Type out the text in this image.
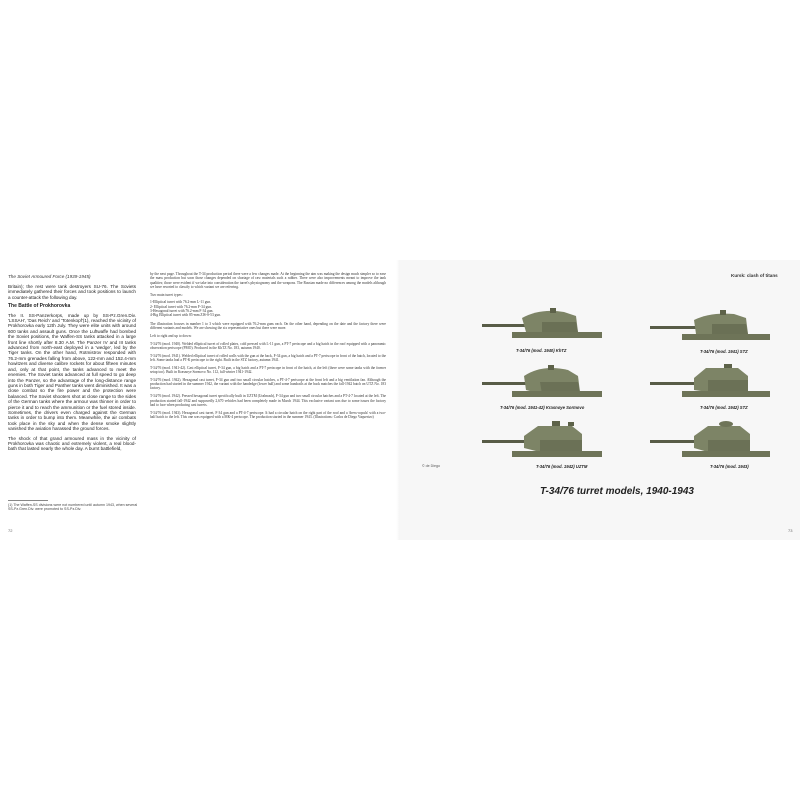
The Soviet Armoured Force (1939-1945)

Britain); the rest were tank destroyers SU-76. The Soviets immediately gathered their forces and took positions to launch a counter-attack the following day.

The Battle of Prokhorovka

The II. SS-Panzerkorps, made up by SS-Pz.Gren.Div. 'LSSAH', 'Das Reich' and 'Totenkopf'(1), reached the vicinity of Prokhorovka early 12th July. They were elite units with around 600 tanks and assault guns. Once the Luftwaffe had bombed the Soviet positions, the Waffen-SS tanks attacked in a large front line shortly after 8.30 A.M. The Panzer IV and III tanks advanced from north-east deployed in a 'wedge', led by the Tiger tanks. On the other hand, Rotmistrov responded with 76.2-mm grenades falling from above, 122-mm and 152.4-mm howitzers and diverse calibre rockets for about fifteen minutes and, only at that point, the tanks advanced to meet the enemies. The Soviet tanks advanced at full speed to go deep into the Panzer, so the advantage of the long-distance range guns in both Tiger and Panther tanks went diminished. It was a close combat so the fire power and the protection were balanced. The Soviet shooters shot at close range to the sides of the German tanks where the armour was thinner in order to pierce it and to reach the ammunition or the fuel stored inside. Sometimes, the drivers even charged against the German tanks in order to bump into them. Meanwhile, the air combats took place in the sky and when the dense smoke slightly vanished the aviation harassed the ground forces.

The shock of that grand armoured mass in the vicinity of Prokhorovka was chaotic and extremely violent, a real blood-bath that lasted nearly the whole day. A burnt battlefield,

(1) The Waffen-SS divisions were not numbered until autumn 1943, when several SS-Pz.Gren.Div. were promoted to SS-Pz.Div.

by the next page. Throughout the T-34 production period there were a few changes made. At the beginning the aim was making the design much simpler so to ease the mass production but soon those changes depended on shortage of raw materials such a rubber. There were also improvements meant to improve the tank qualities; those were evident if we take into consideration the turret's physiognomy and the weapons. The Russian made no differences among the models although we have resorted to classify to which variant we are referring.

Two main turret types:

1-Elliptical turret with 76.2-mm L-11 gun.
2- Elliptical turret with 76.2-mm F-34 gun.
3-Hexagonal turret with 76.2-mm F-34 gun.
4-Big Elliptical turret with 85-mm ZIS-S-53 gun.

The illustration focuses in number 1 to 3 which were equipped with 76.2-mm guns each. On the other hand, depending on the date and the factory there were different variants and models. We are showing the six representative ones but there were more.

Left to right and up to down:

T-34/76 (mod. 1940). Welded elliptical turret of rolled plates, cold pressed with L-11 gun, a PT-7 periscope and a big hatch in the roof equipped with a panoramic observation periscope (PMO). Produced in the KhTZ No. 183, autumn 1940.

T-34/76 (mod. 1941). Welded elliptical turret of rolled walls with the gun at the back, F-34 gun, a big hatch and a PT-7 periscope in front of the hatch, located to the left. Some tanks had a PT-K periscope to the right. Built in the STZ factory, autumn 1941.

T-34/76 (mod. 1941-42). Cast elliptical turret, F-34 gun, a big hatch and a PT-7 periscope in front of the hatch, at the left (there were some tanks with the former setup too). Built in Krasnoye Sormovo No. 112, fall-winter 1941-1942.

T-34/76 (mod. 1942). Hexagonal cast turret, F-34 gun and two small circular hatches, a PT-4-7 periscope at the front left and a big ventilation fan. Although the production had started in the summer 1942, the variant with the handedge (lower hull) and some handrails at the back matches the fall-1942 batch on UTZ No. 183 factory.

T-34/76 (mod. 1942). Pressed hexagonal turret specifically built in UZTM (Uralmash), F-34 gun and two small circular hatches and a PT-4-7 located at the left. The production started fall-1942 and supposedly 2,670 vehicles had been completely made in March 1944. This exclusive variant was due to some issues the factory had to face when producing cast turrets.

T-34/76 (mod. 1943). Hexagonal cast turret, F-34 gun and a PT-4-7 periscope. It had a circular hatch on the right part of the roof and a 'dress-copula' with a two-half hatch to the left. This one was equipped with a MK-4 periscope. The production started in the summer 1943. (Illustrations: Carlos de Diego Vaquerizo)

72
Kursk: clash of titans
T-34/76 (mod. 1940) KhTZ	T-34/76 (mod. 1941) STZ
T-34/76 (mod. 1941-42) Krasnoye Sormovo	T-34/76 (mod. 1942) STZ
T-34/76 (mod. 1942) UZTM	T-34/76 (mod. 1943)
© de Diego
T-34/76 turret models, 1940-1943
73
